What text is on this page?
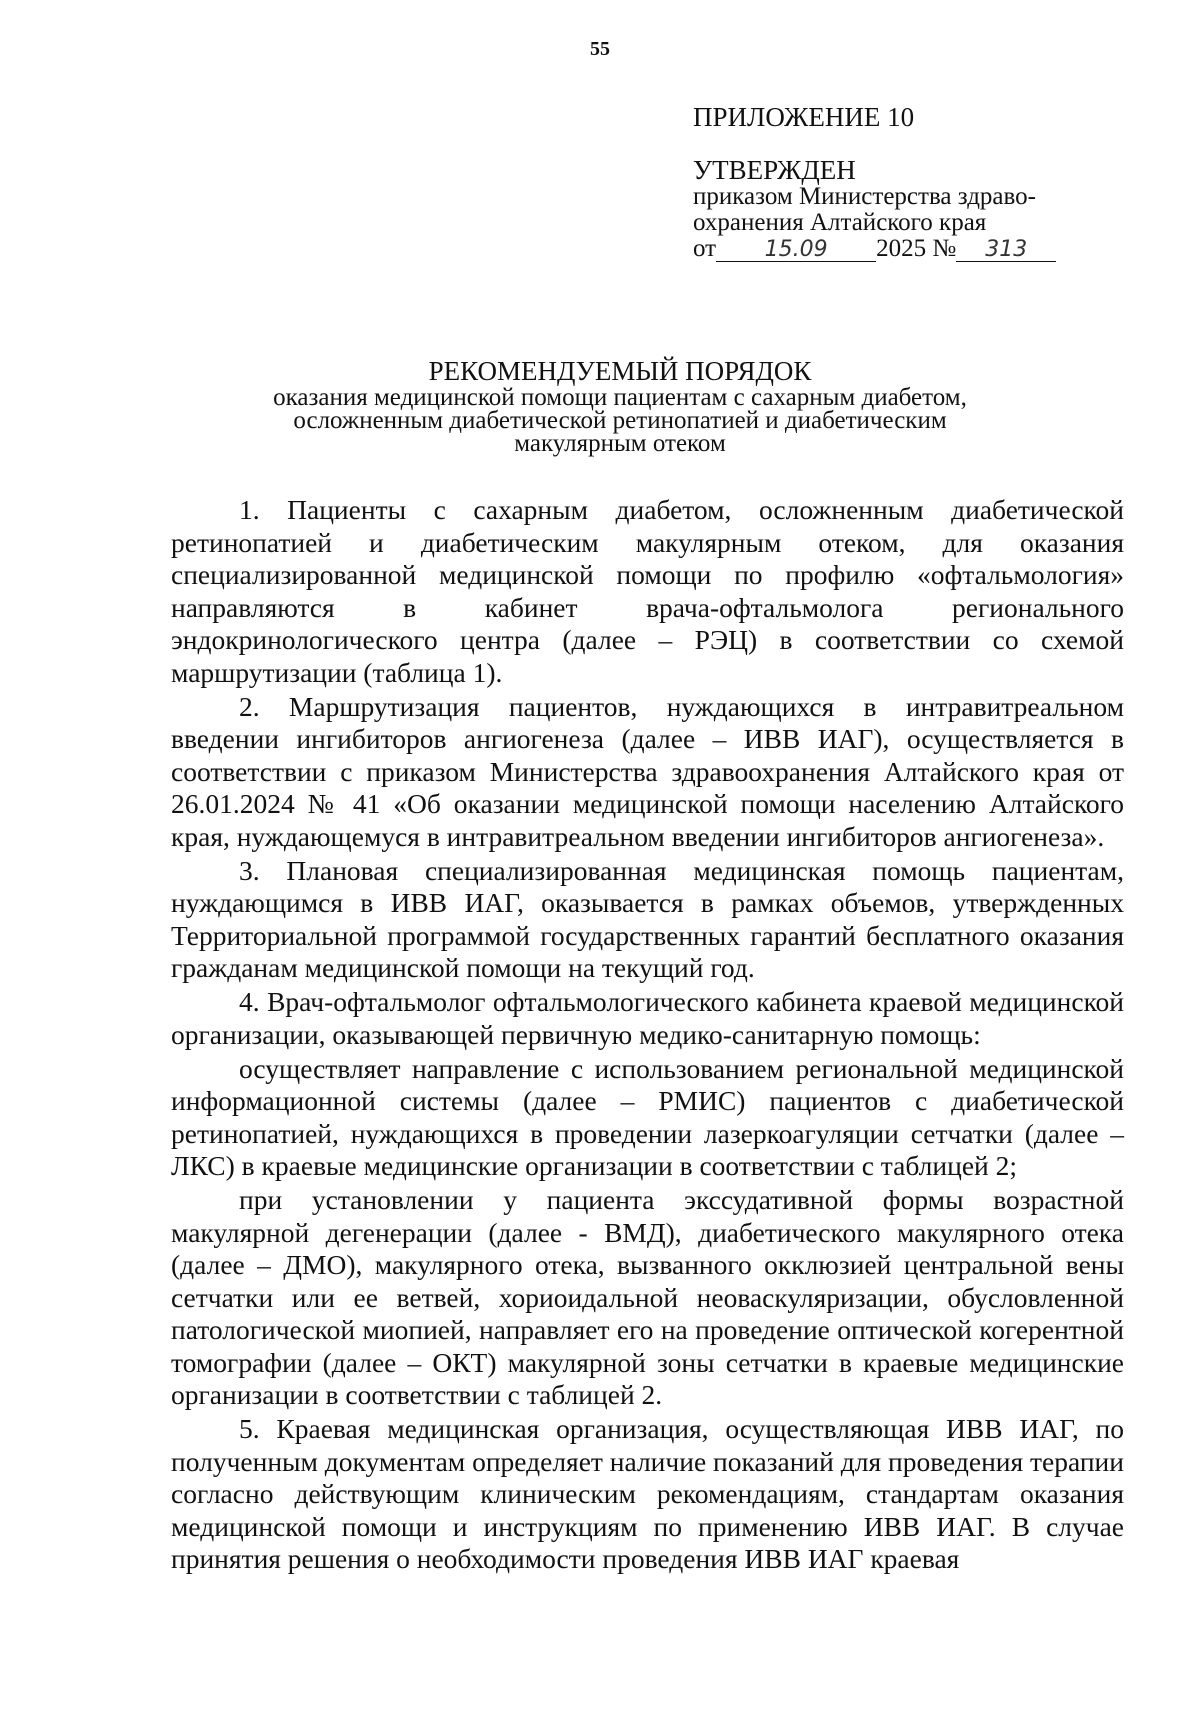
55
ПРИЛОЖЕНИЕ 10
УТВЕРЖДЕН
приказом Министерства здраво-
охранения Алтайского края
от	15.09	2025 №	313
РЕКОМЕНДУЕМЫЙ ПОРЯДОК
оказания медицинской помощи пациентам с сахарным диабетом,
осложненным диабетической ретинопатией и диабетическим
макулярным отеком

1. Пациенты с сахарным диабетом, осложненным диабетической ретинопатией и диабетическим макулярным отеком, для оказания специализированной медицинской помощи по профилю «офтальмология» направляются в кабинет врача-офтальмолога регионального эндокринологического центра (далее – РЭЦ) в соответствии со схемой маршрутизации (таблица 1).

2. Маршрутизация пациентов, нуждающихся в интравитреальном введении ингибиторов ангиогенеза (далее – ИВВ ИАГ), осуществляется в соответствии с приказом Министерства здравоохранения Алтайского края от 26.01.2024 № 41 «Об оказании медицинской помощи населению Алтайского края, нуждающемуся в интравитреальном введении ингибиторов ангиогенеза».

3. Плановая специализированная медицинская помощь пациентам, нуждающимся в ИВВ ИАГ, оказывается в рамках объемов, утвержденных Территориальной программой государственных гарантий бесплатного оказания гражданам медицинской помощи на текущий год.

4. Врач-офтальмолог офтальмологического кабинета краевой медицинской организации, оказывающей первичную медико-санитарную помощь:

осуществляет направление с использованием региональной медицинской информационной системы (далее – РМИС) пациентов с диабетической ретинопатией, нуждающихся в проведении лазеркоагуляции сетчатки (далее – ЛКС) в краевые медицинские организации в соответствии с таблицей 2;

при установлении у пациента экссудативной формы возрастной макулярной дегенерации (далее - ВМД), диабетического макулярного отека (далее – ДМО), макулярного отека, вызванного окклюзией центральной вены сетчатки или ее ветвей, хориоидальной неоваскуляризации, обусловленной патологической миопией, направляет его на проведение оптической когерентной томографии (далее – ОКТ) макулярной зоны сетчатки в краевые медицинские организации в соответствии с таблицей 2.

5. Краевая медицинская организация, осуществляющая ИВВ ИАГ, по полученным документам определяет наличие показаний для проведения терапии согласно действующим клиническим рекомендациям, стандартам оказания медицинской помощи и инструкциям по применению ИВВ ИАГ. В случае принятия решения о необходимости проведения ИВВ ИАГ краевая
